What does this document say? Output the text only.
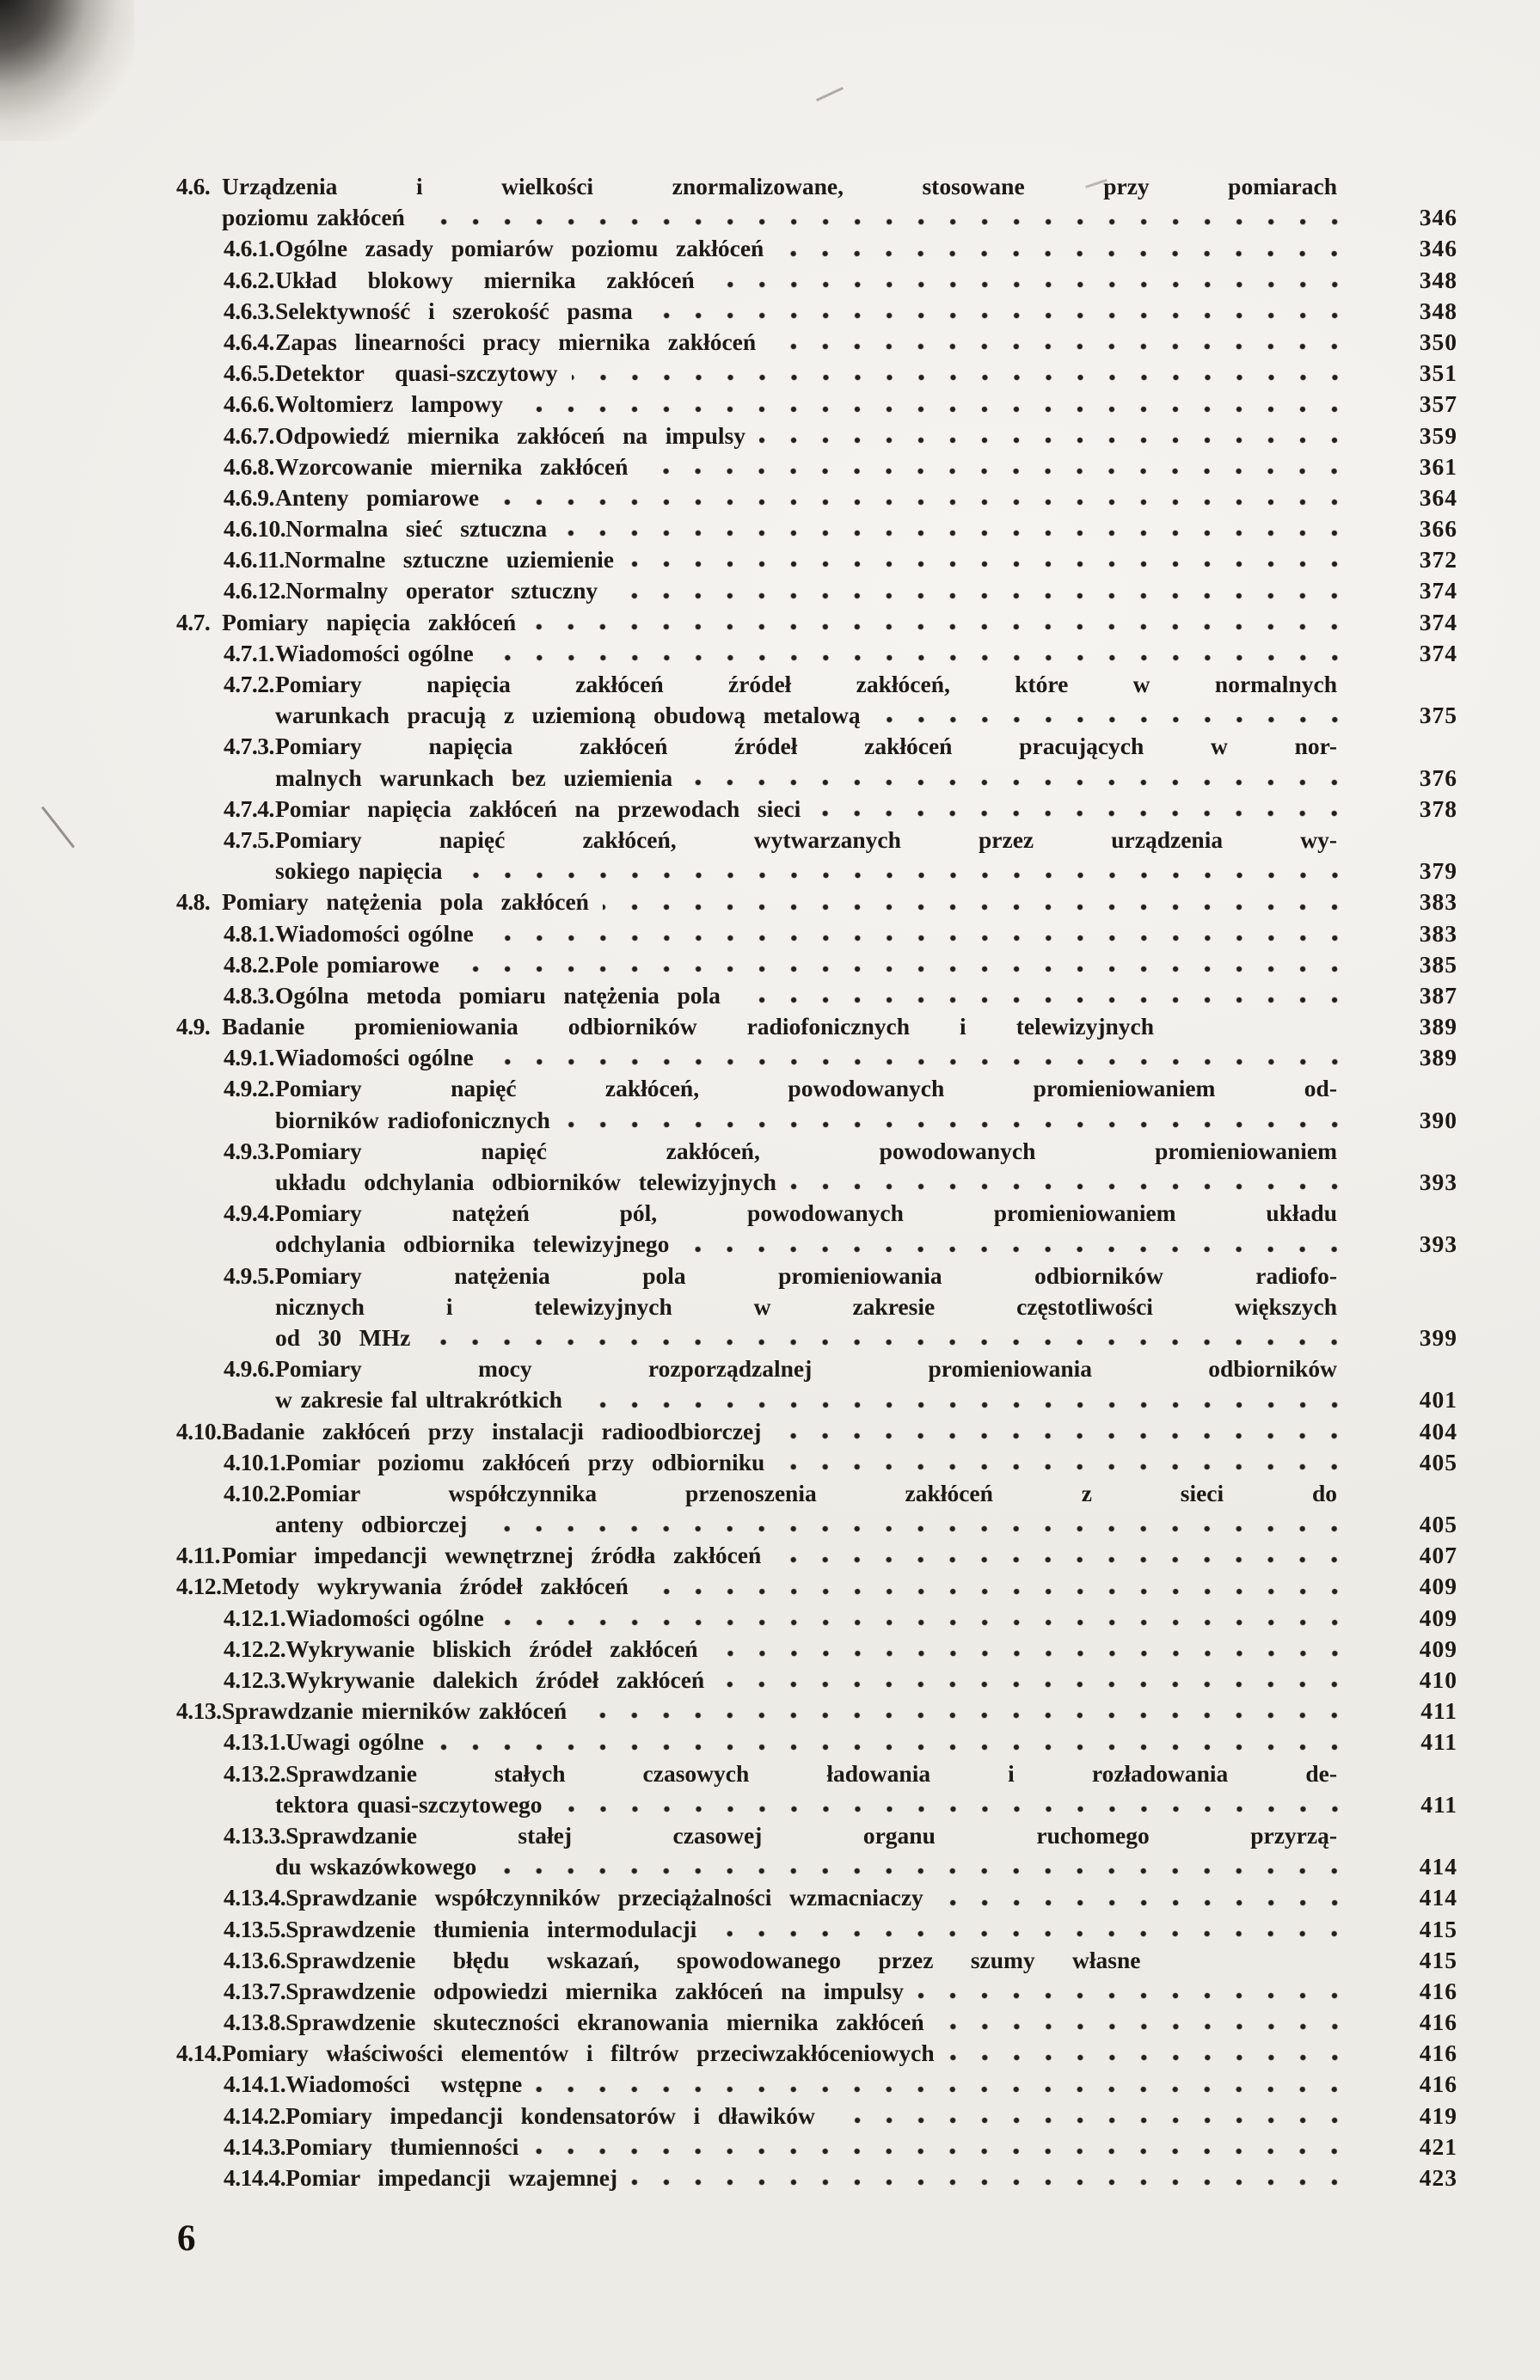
4.6. Urządzenia i wielkości znormalizowane, stosowane przy pomiarach
poziomu zakłóceń	346
4.6.1. Ogólne zasady pomiarów poziomu zakłóceń	346
4.6.2. Układ blokowy miernika zakłóceń	348
4.6.3. Selektywność i szerokość pasma	348
4.6.4. Zapas linearności pracy miernika zakłóceń	350
4.6.5. Detektor quasi-szczytowy	351
4.6.6. Woltomierz lampowy	357
4.6.7. Odpowiedź miernika zakłóceń na impulsy	359
4.6.8. Wzorcowanie miernika zakłóceń	361
4.6.9. Anteny pomiarowe	364
4.6.10. Normalna sieć sztuczna	366
4.6.11. Normalne sztuczne uziemienie	372
4.6.12. Normalny operator sztuczny	374
4.7. Pomiary napięcia zakłóceń	374
4.7.1. Wiadomości ogólne	374
4.7.2. Pomiary napięcia zakłóceń źródeł zakłóceń, które w normalnych
warunkach pracują z uziemioną obudową metalową	375
4.7.3. Pomiary napięcia zakłóceń źródeł zakłóceń pracujących w nor-
malnych warunkach bez uziemienia	376
4.7.4. Pomiar napięcia zakłóceń na przewodach sieci	378
4.7.5. Pomiary napięć zakłóceń, wytwarzanych przez urządzenia wy-
sokiego napięcia	379
4.8. Pomiary natężenia pola zakłóceń	383
4.8.1. Wiadomości ogólne	383
4.8.2. Pole pomiarowe	385
4.8.3. Ogólna metoda pomiaru natężenia pola	387
4.9. Badanie promieniowania odbiorników radiofonicznych i telewizyjnych	389
4.9.1. Wiadomości ogólne	389
4.9.2. Pomiary napięć zakłóceń, powodowanych promieniowaniem od-
biorników radiofonicznych	390
4.9.3. Pomiary napięć zakłóceń, powodowanych promieniowaniem
układu odchylania odbiorników telewizyjnych	393
4.9.4. Pomiary natężeń pól, powodowanych promieniowaniem układu
odchylania odbiornika telewizyjnego	393
4.9.5. Pomiary natężenia pola promieniowania odbiorników radiofo-
nicznych i telewizyjnych w zakresie częstotliwości większych
od 30 MHz	399
4.9.6. Pomiary mocy rozporządzalnej promieniowania odbiorników
w zakresie fal ultrakrótkich	401
4.10. Badanie zakłóceń przy instalacji radioodbiorczej	404
4.10.1. Pomiar poziomu zakłóceń przy odbiorniku	405
4.10.2. Pomiar współczynnika przenoszenia zakłóceń z sieci do
anteny odbiorczej	405
4.11. Pomiar impedancji wewnętrznej źródła zakłóceń	407
4.12. Metody wykrywania źródeł zakłóceń	409
4.12.1. Wiadomości ogólne	409
4.12.2. Wykrywanie bliskich źródeł zakłóceń	409
4.12.3. Wykrywanie dalekich źródeł zakłóceń	410
4.13. Sprawdzanie mierników zakłóceń	411
4.13.1. Uwagi ogólne	411
4.13.2. Sprawdzanie stałych czasowych ładowania i rozładowania de-
tektora quasi-szczytowego	411
4.13.3. Sprawdzanie stałej czasowej organu ruchomego przyrzą-
du wskazówkowego	414
4.13.4. Sprawdzanie współczynników przeciążalności wzmacniaczy	414
4.13.5. Sprawdzenie tłumienia intermodulacji	415
4.13.6. Sprawdzenie błędu wskazań, spowodowanego przez szumy własne	415
4.13.7. Sprawdzenie odpowiedzi miernika zakłóceń na impulsy	416
4.13.8. Sprawdzenie skuteczności ekranowania miernika zakłóceń	416
4.14. Pomiary właściwości elementów i filtrów przeciwzakłóceniowych	416
4.14.1. Wiadomości wstępne	416
4.14.2. Pomiary impedancji kondensatorów i dławików	419
4.14.3. Pomiary tłumienności	421
4.14.4. Pomiar impedancji wzajemnej	423
6
